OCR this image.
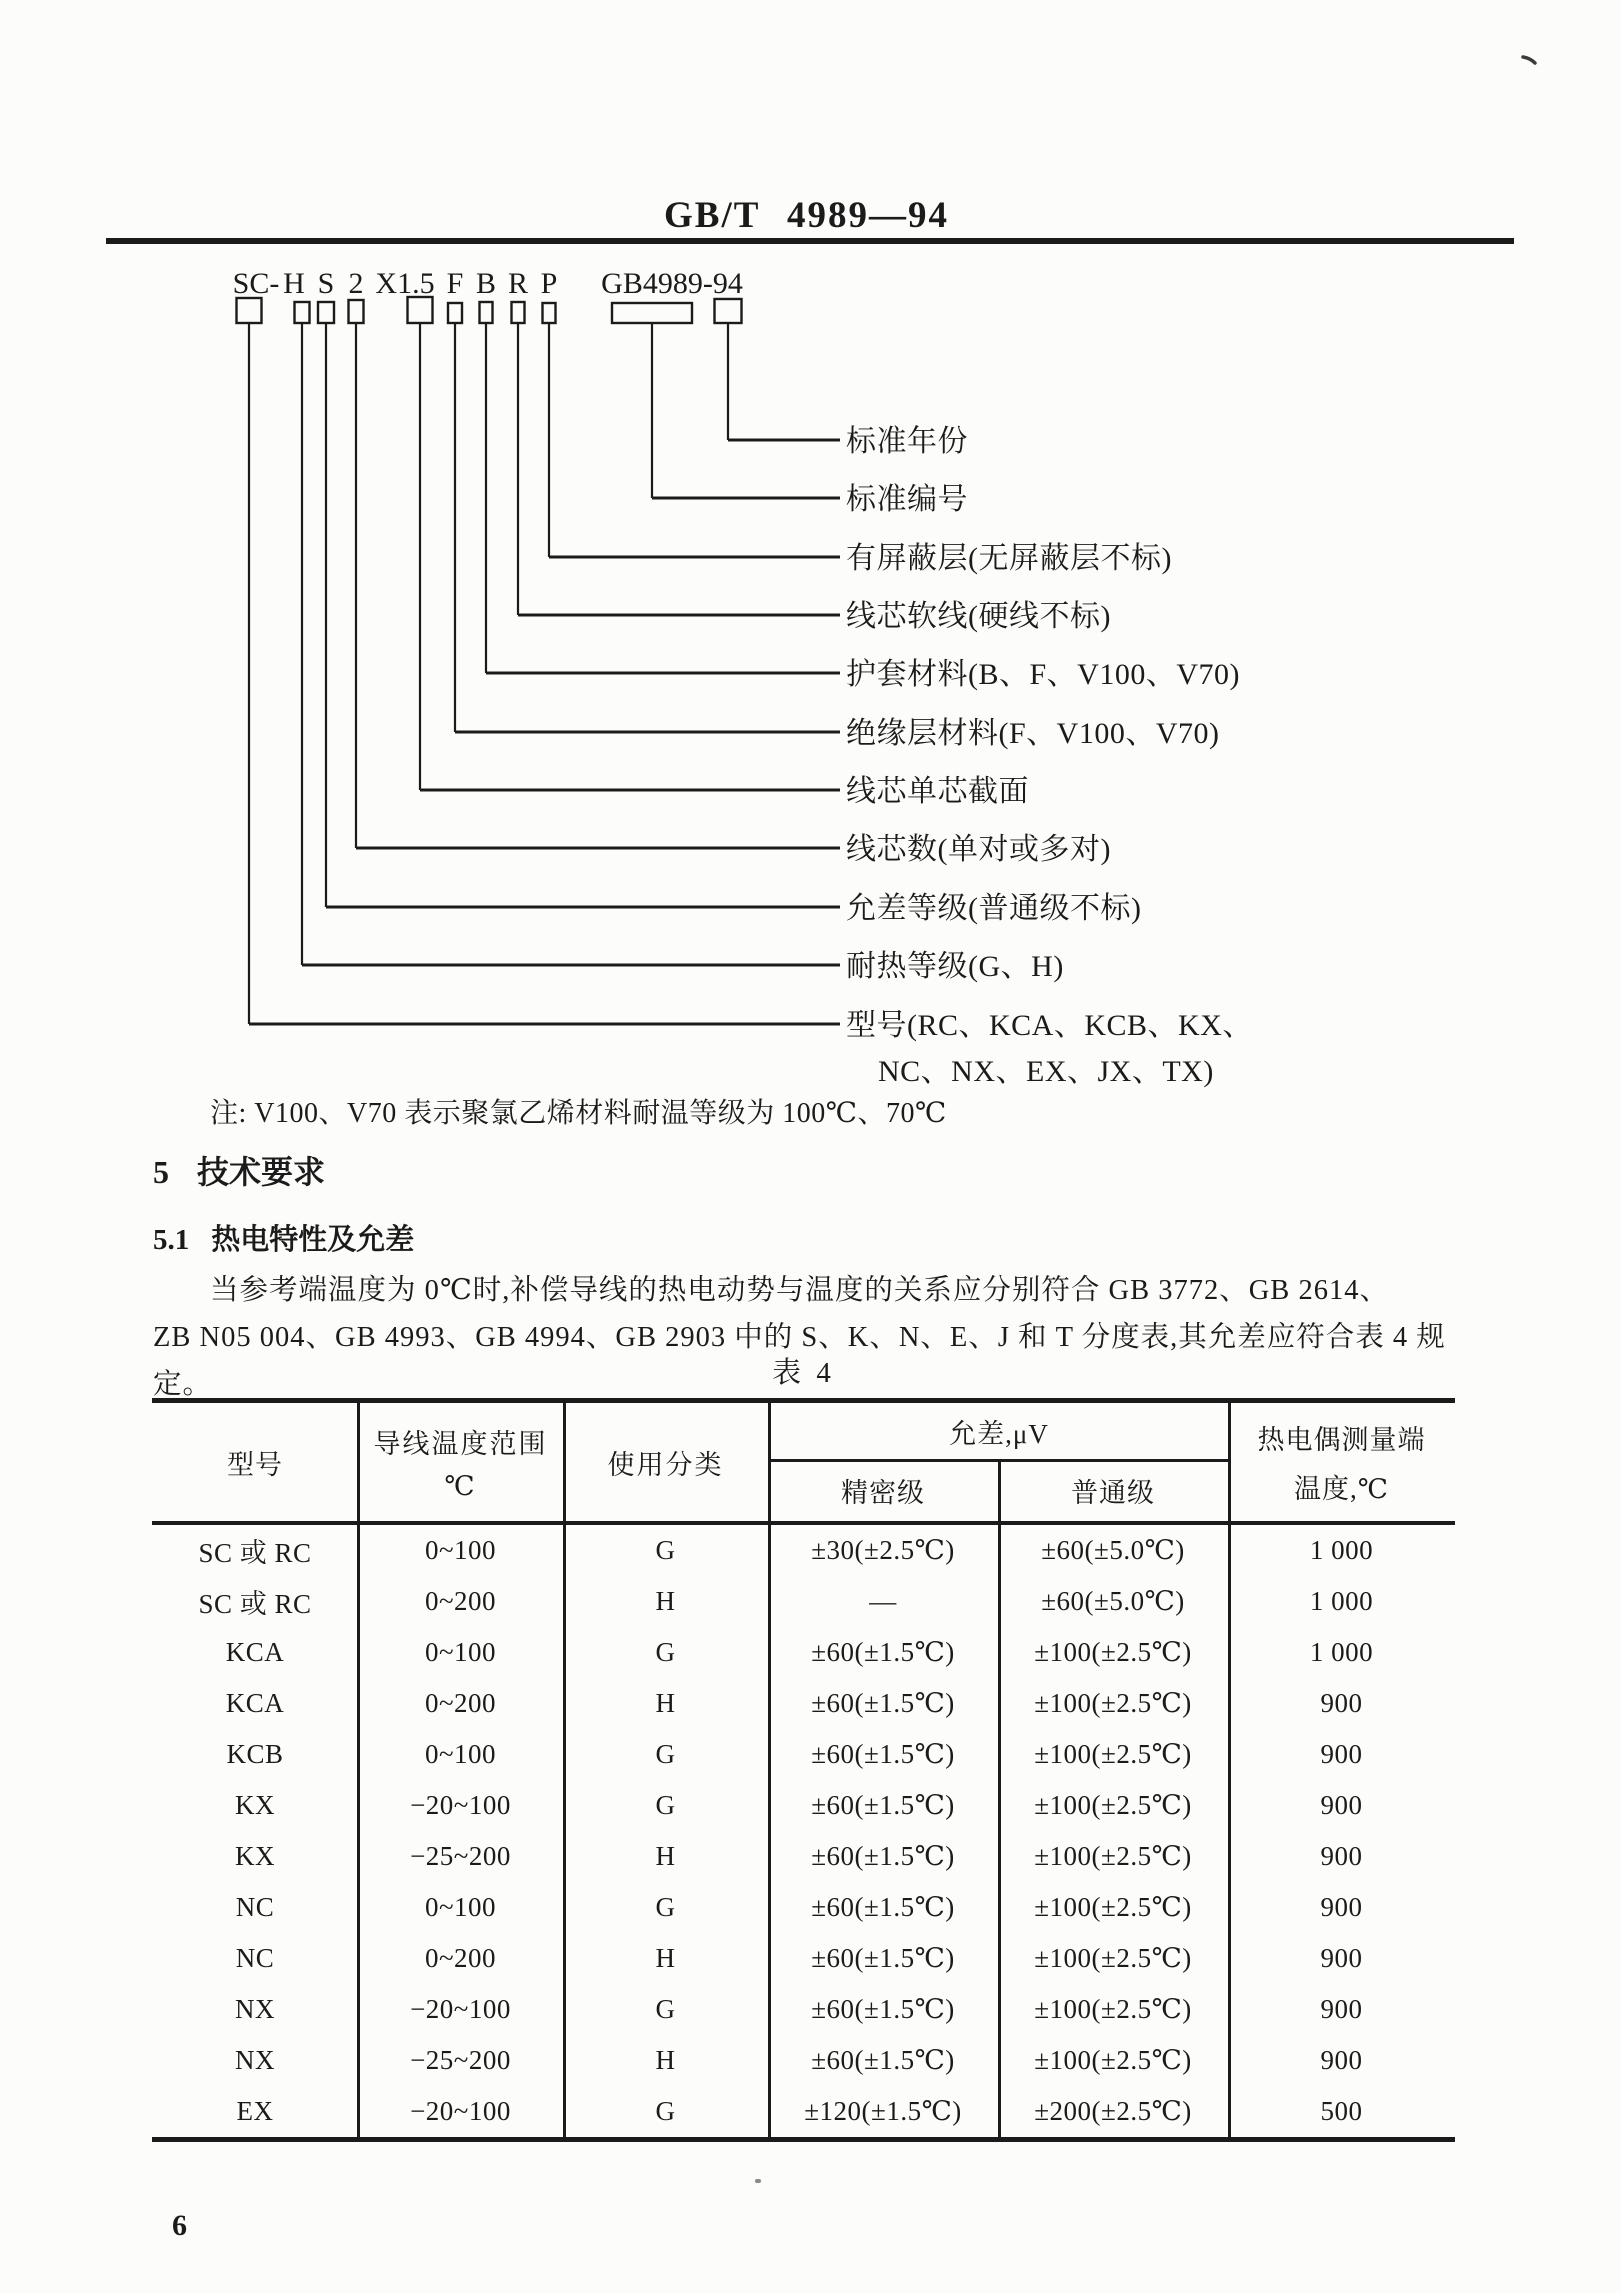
GB/T 4989—94
SC- H S 2 X1.5 F B R P GB4989-94
标准年份
标准编号
有屏蔽层(无屏蔽层不标)
线芯软线(硬线不标)
护套材料(B、F、V100、V70)
绝缘层材料(F、V100、V70)
线芯单芯截面
线芯数(单对或多对)
允差等级(普通级不标)
耐热等级(G、H)
型号(RC、KCA、KCB、KX、
NC、NX、EX、JX、TX)
注: V100、V70 表示聚氯乙烯材料耐温等级为 100℃、70℃
5 技术要求
5.1 热电特性及允差
当参考端温度为 0℃时,补偿导线的热电动势与温度的关系应分别符合 GB 3772、GB 2614、
ZB N05 004、GB 4993、GB 4994、GB 2903 中的 S、K、N、E、J 和 T 分度表,其允差应符合表 4 规定。	表 4
型号
导线温度范围
℃
使用分类
允差,μV
精密级	普通级
热电偶测量端
温度,℃
SC 或 RC	0~100	G	±30(±2.5℃)	±60(±5.0℃)	1 000
SC 或 RC	0~200	H	—	±60(±5.0℃)	1 000
KCA	0~100	G	±60(±1.5℃)	±100(±2.5℃)	1 000
KCA	0~200	H	±60(±1.5℃)	±100(±2.5℃)	900
KCB	0~100	G	±60(±1.5℃)	±100(±2.5℃)	900
KX	−20~100	G	±60(±1.5℃)	±100(±2.5℃)	900
KX	−25~200	H	±60(±1.5℃)	±100(±2.5℃)	900
NC	0~100	G	±60(±1.5℃)	±100(±2.5℃)	900
NC	0~200	H	±60(±1.5℃)	±100(±2.5℃)	900
NX	−20~100	G	±60(±1.5℃)	±100(±2.5℃)	900
NX	−25~200	H	±60(±1.5℃)	±100(±2.5℃)	900
EX	−20~100	G	±120(±1.5℃)	±200(±2.5℃)	500
6
